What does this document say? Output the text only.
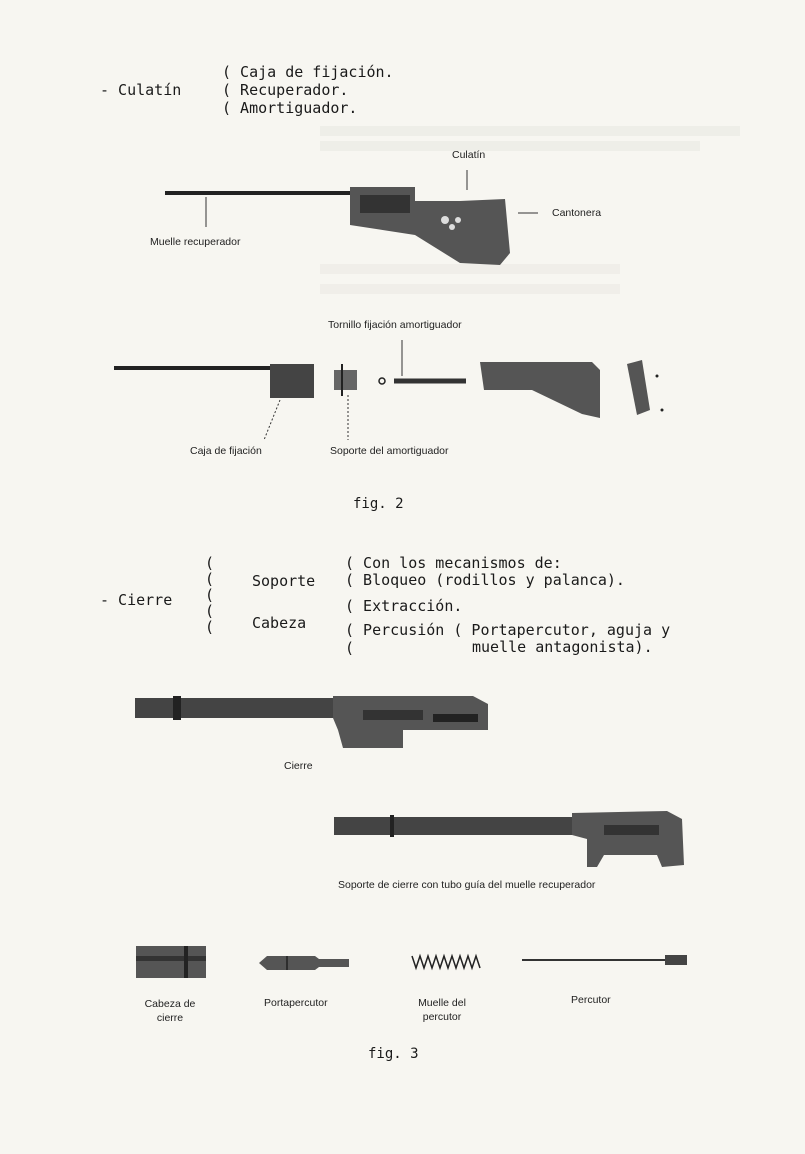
- Culatín
( Caja de fijación.
( Recuperador.
( Amortiguador.
Culatín
Cantonera
Muelle recuperador
Tornillo fijación amortiguador
Caja de fijación	Soporte del amortiguador
fig. 2
- Cierre
(
(
(
(
(
Soporte
Cabeza
( Con los mecanismos de:
( Bloqueo (rodillos y palanca).
( Extracción.
( Percusión ( Portapercutor, aguja y
muelle antagonista).
(
Cierre
Soporte de cierre con tubo guía del muelle recuperador
Cabeza de
cierre
Portapercutor	Muelle del
percutor
Percutor
fig. 3
